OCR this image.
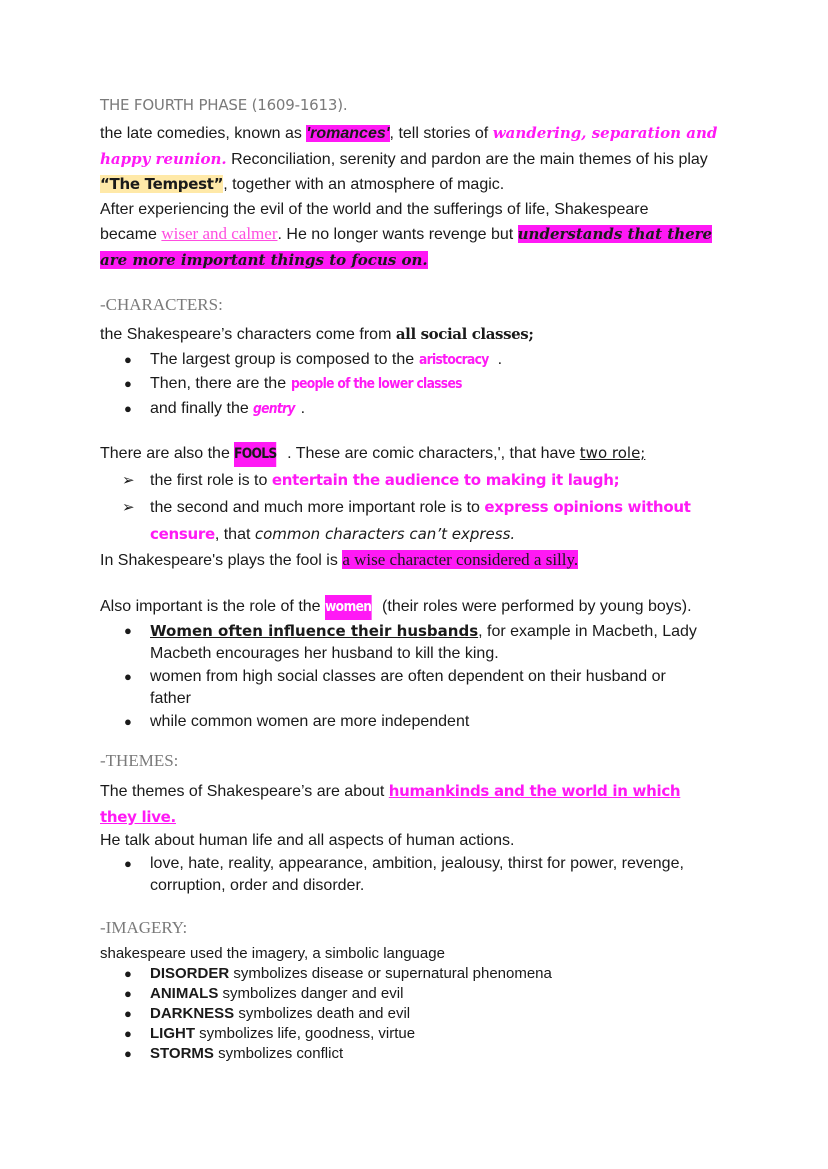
THE FOURTH PHASE (1609-1613).

the late comedies, known as 'romances', tell stories of wandering, separation and

happy reunion. Reconciliation, serenity and pardon are the main themes of his play

“The Tempest”, together with an atmosphere of magic.

After experiencing the evil of the world and the sufferings of life, Shakespeare

became wiser and calmer. He no longer wants revenge but understands that there

are more important things to focus on.

-CHARACTERS:

the Shakespeare’s characters come from all social classes;

● The largest group is composed to the aristocracy .
● Then, there are the people of the lower classes
● and finally the gentry .

There are also the FOOLS . These are comic characters,', that have two role;

➢ the first role is to entertain the audience to making it laugh;
➢ the second and much more important role is to express opinions without
censure, that common characters can’t express.

In Shakespeare's plays the fool is a wise character considered a silly.

Also important is the role of the women (their roles were performed by young boys).

● Women often influence their husbands, for example in Macbeth, Lady
Macbeth encourages her husband to kill the king.
● women from high social classes are often dependent on their husband or
father
● while common women are more independent
-THEMES:

The themes of Shakespeare’s are about humankinds and the world in which

they live.

He talk about human life and all aspects of human actions.

● love, hate, reality, appearance, ambition, jealousy, thirst for power, revenge,
corruption, order and disorder.
-IMAGERY:

shakespeare used the imagery, a simbolic language

● DISORDER symbolizes disease or supernatural phenomena
● ANIMALS symbolizes danger and evil
● DARKNESS symbolizes death and evil
● LIGHT symbolizes life, goodness, virtue
● STORMS symbolizes conflict
